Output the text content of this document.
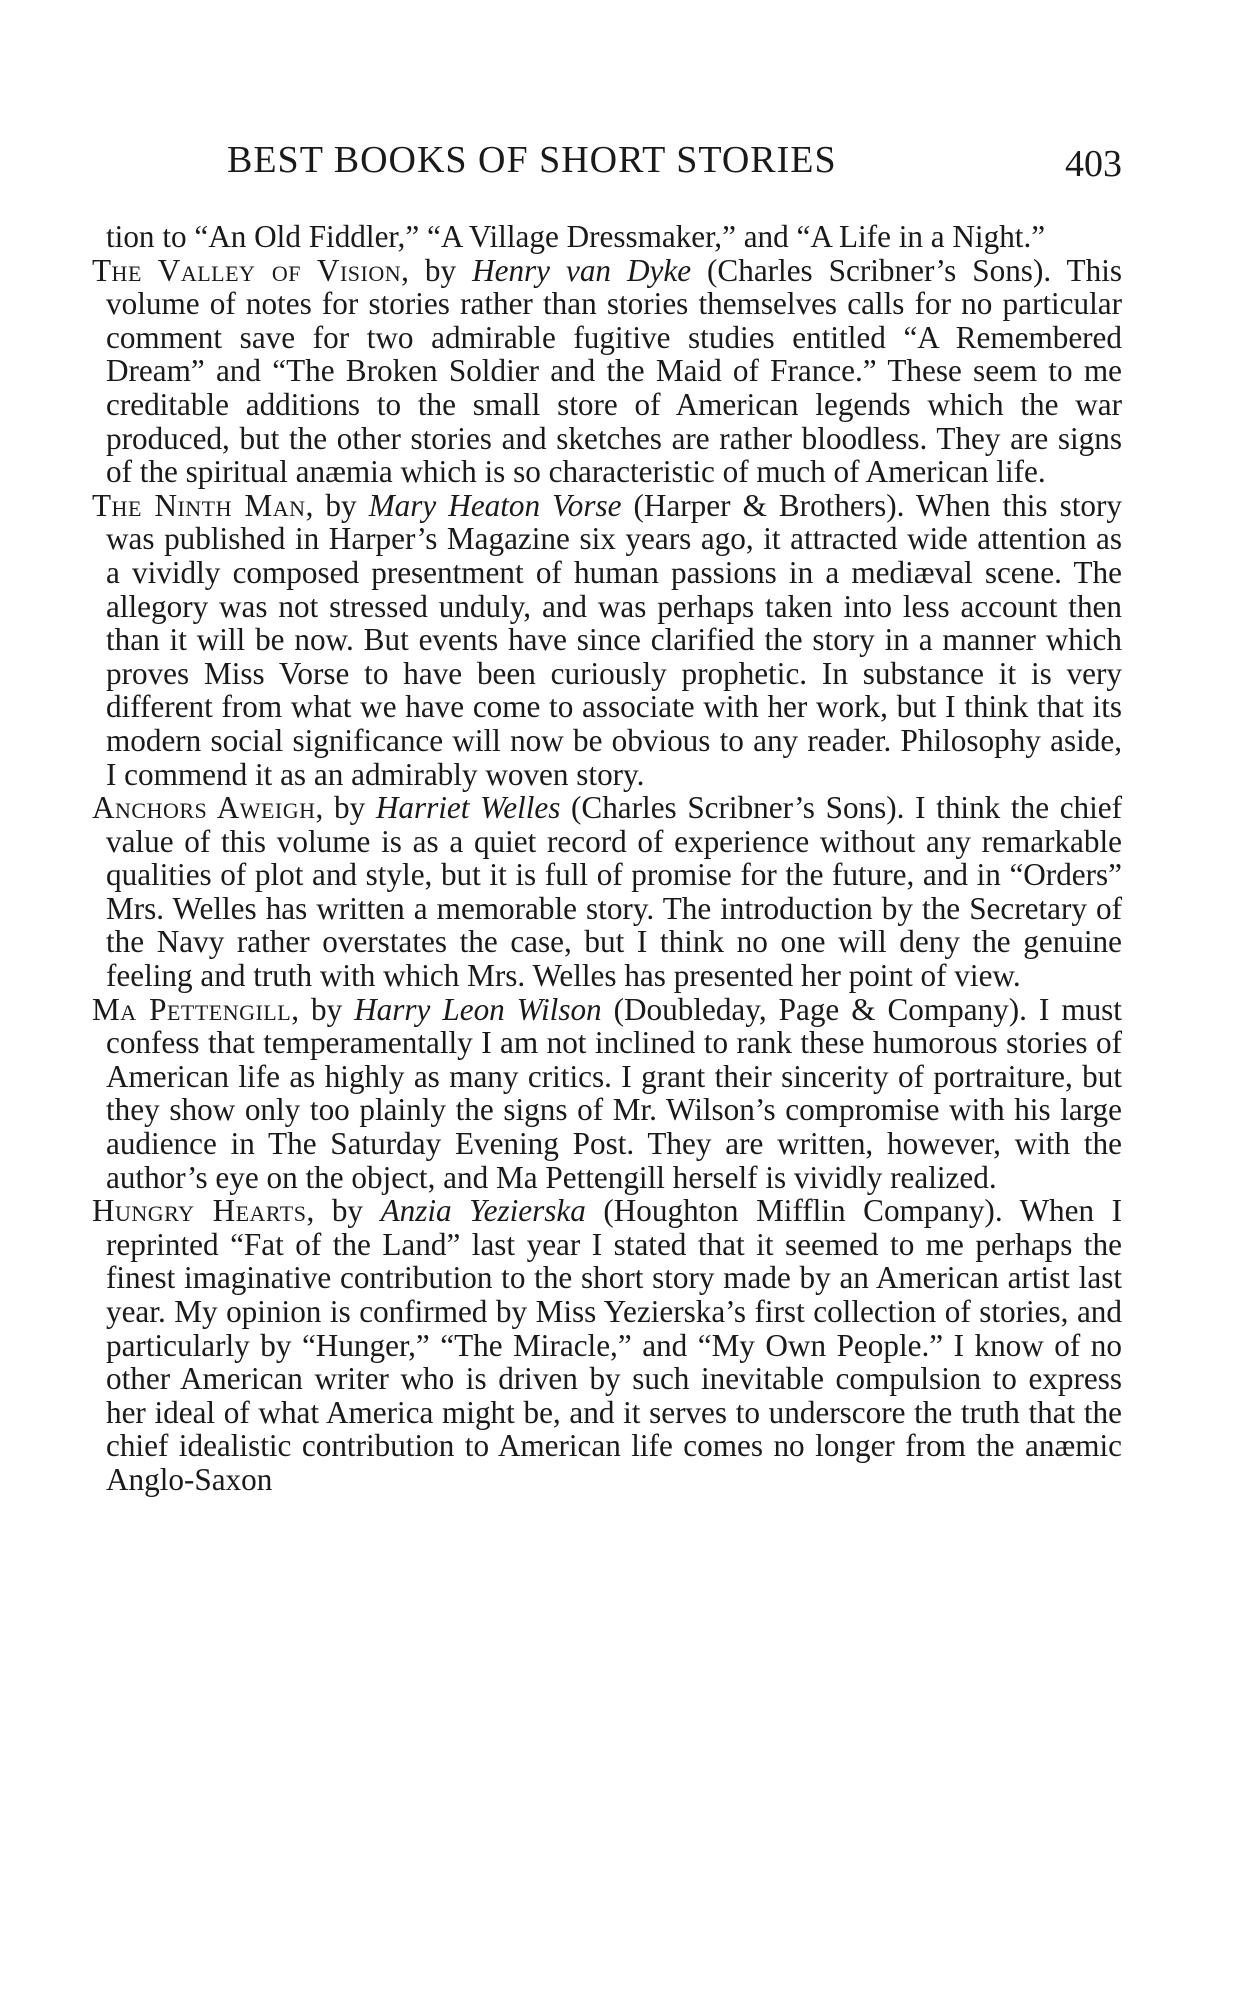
BEST BOOKS OF SHORT STORIES	403

tion to “An Old Fiddler,” “A Village Dressmaker,” and “A Life in a Night.”

The Valley of Vision, by Henry van Dyke (Charles Scribner’s Sons). This volume of notes for stories rather than stories themselves calls for no particular comment save for two admirable fugitive studies entitled “A Remembered Dream” and “The Broken Soldier and the Maid of France.” These seem to me creditable additions to the small store of American legends which the war produced, but the other stories and sketches are rather bloodless. They are signs of the spiritual anæmia which is so characteristic of much of American life.

The Ninth Man, by Mary Heaton Vorse (Harper & Brothers). When this story was published in Harper’s Magazine six years ago, it attracted wide attention as a vividly composed presentment of human passions in a mediæval scene. The allegory was not stressed unduly, and was perhaps taken into less account then than it will be now. But events have since clarified the story in a manner which proves Miss Vorse to have been curiously prophetic. In substance it is very different from what we have come to associate with her work, but I think that its modern social significance will now be obvious to any reader. Philosophy aside, I commend it as an admirably woven story.

Anchors Aweigh, by Harriet Welles (Charles Scribner’s Sons). I think the chief value of this volume is as a quiet record of experience without any remarkable qualities of plot and style, but it is full of promise for the future, and in “Orders” Mrs. Welles has written a memorable story. The introduction by the Secretary of the Navy rather overstates the case, but I think no one will deny the genuine feeling and truth with which Mrs. Welles has presented her point of view.

Ma Pettengill, by Harry Leon Wilson (Doubleday, Page & Company). I must confess that temperamentally I am not inclined to rank these humorous stories of American life as highly as many critics. I grant their sincerity of portraiture, but they show only too plainly the signs of Mr. Wilson’s compromise with his large audience in The Saturday Evening Post. They are written, however, with the author’s eye on the object, and Ma Pettengill herself is vividly realized.

Hungry Hearts, by Anzia Yezierska (Houghton Mifflin Company). When I reprinted “Fat of the Land” last year I stated that it seemed to me perhaps the finest imaginative contribution to the short story made by an American artist last year. My opinion is confirmed by Miss Yezierska’s first collection of stories, and particularly by “Hunger,” “The Miracle,” and “My Own People.” I know of no other American writer who is driven by such inevitable compulsion to express her ideal of what America might be, and it serves to underscore the truth that the chief idealistic contribution to American life comes no longer from the anæmic Anglo-Saxon
